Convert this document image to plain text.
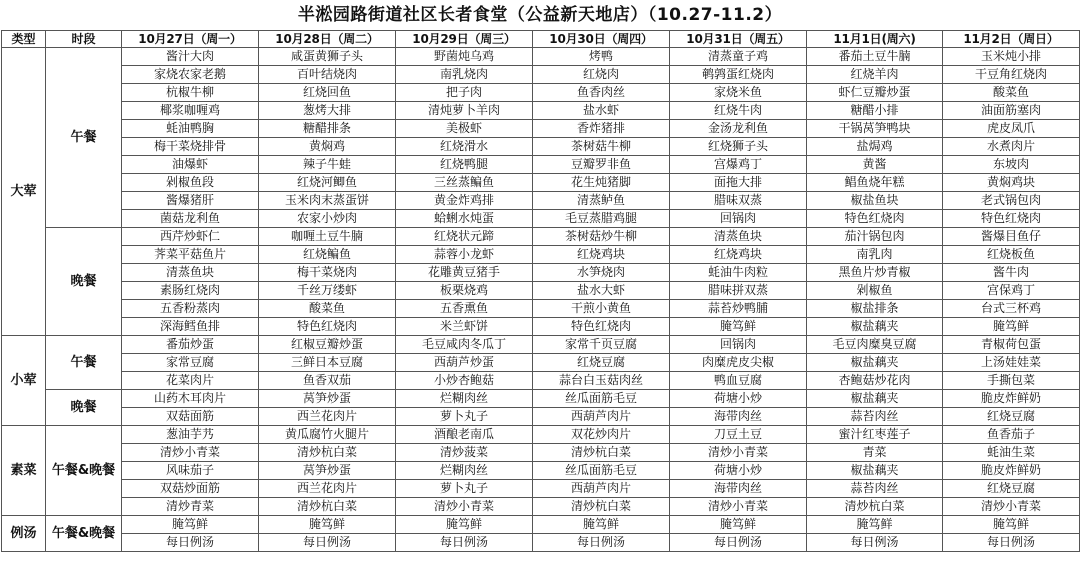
半淞园路街道社区长者食堂（公益新天地店）（10.27-11.2）
类型	时段	10月27日（周一）	10月28日（周二）	10月29日（周三）	10月30日（周四）	10月31日（周五）	11月1日(周六)	11月2日（周日）
大荤	午餐	酱汁大肉	咸蛋黄狮子头	野菌炖乌鸡	烤鸭	清蒸童子鸡	番茄土豆牛腩	玉米炖小排
		家烧农家老鹅	百叶结烧肉	南乳烧肉	红烧肉	鹌鹑蛋红烧肉	红烧羊肉	干豆角红烧肉
		杭椒牛柳	红烧回鱼	把子肉	鱼香肉丝	家烧米鱼	虾仁豆瓣炒蛋	酸菜鱼
		椰浆咖喱鸡	葱烤大排	清炖萝卜羊肉	盐水虾	红烧牛肉	糖醋小排	油面筋塞肉
		蚝油鸭胸	糖醋排条	美极虾	香炸猪排	金汤龙利鱼	干锅莴笋鸭块	虎皮凤爪
		梅干菜烧排骨	黄焖鸡	红烧滑水	茶树菇牛柳	红烧狮子头	盐焗鸡	水煮肉片
		油爆虾	辣子牛蛙	红烧鸭腿	豆瓣罗非鱼	宫爆鸡丁	黄酱	东坡肉
		剁椒鱼段	红烧河鲫鱼	三丝蒸鳊鱼	花生炖猪脚	面拖大排	鲳鱼烧年糕	黄焖鸡块
		酱爆猪肝	玉米肉末蒸蛋饼	黄金炸鸡排	清蒸鲈鱼	腊味双蒸	椒盐鱼块	老式锅包肉
		菌菇龙利鱼	农家小炒肉	蛤蜊水炖蛋	毛豆蒸腊鸡腿	回锅肉	特色红烧肉	特色红烧肉
	晚餐	西芹炒虾仁	咖喱土豆牛腩	红烧状元蹄	茶树菇炒牛柳	清蒸鱼块	茄汁锅包肉	酱爆目鱼仔
		荠菜平菇鱼片	红烧鳊鱼	蒜蓉小龙虾	红烧鸡块	红烧鸡块	南乳肉	红烧板鱼
		清蒸鱼块	梅干菜烧肉	花雕黄豆猪手	水笋烧肉	蚝油牛肉粒	黑鱼片炒青椒	酱牛肉
		素肠红烧肉	千丝万缕虾	板栗烧鸡	盐水大虾	腊味拼双蒸	剁椒鱼	宫保鸡丁
		五香粉蒸肉	酸菜鱼	五香熏鱼	干煎小黄鱼	蒜苔炒鸭脯	椒盐排条	台式三杯鸡
		深海鳕鱼排	特色红烧肉	米兰虾饼	特色红烧肉	腌笃鲜	椒盐藕夹	腌笃鲜
小荤	午餐	番茄炒蛋	红椒豆瓣炒蛋	毛豆咸肉冬瓜丁	家常千页豆腐	回锅肉	毛豆肉糜臭豆腐	青椒荷包蛋
		家常豆腐	三鲜日本豆腐	西葫芦炒蛋	红烧豆腐	肉糜虎皮尖椒	椒盐藕夹	上汤娃娃菜
		花菜肉片	鱼香双茄	小炒杏鲍菇	蒜台白玉菇肉丝	鸭血豆腐	杏鲍菇炒花肉	手撕包菜
	晚餐	山药木耳肉片	莴笋炒蛋	烂糊肉丝	丝瓜面筋毛豆	荷塘小炒	椒盐藕夹	脆皮炸鲜奶
		双菇面筋	西兰花肉片	萝卜丸子	西葫芦肉片	海带肉丝	蒜苔肉丝	红烧豆腐
素菜	午餐&晚餐	葱油芋艿	黄瓜腐竹火腿片	酒酿老南瓜	双花炒肉片	刀豆土豆	蜜汁红枣莲子	鱼香茄子
		清炒小青菜	清炒杭白菜	清炒菠菜	清炒杭白菜	清炒小青菜	青菜	蚝油生菜
		风味茄子	莴笋炒蛋	烂糊肉丝	丝瓜面筋毛豆	荷塘小炒	椒盐藕夹	脆皮炸鲜奶
		双菇炒面筋	西兰花肉片	萝卜丸子	西葫芦肉片	海带肉丝	蒜苔肉丝	红烧豆腐
		清炒青菜	清炒杭白菜	清炒小青菜	清炒杭白菜	清炒小青菜	清炒杭白菜	清炒小青菜
例汤	午餐&晚餐	腌笃鲜	腌笃鲜	腌笃鲜	腌笃鲜	腌笃鲜	腌笃鲜	腌笃鲜
		每日例汤	每日例汤	每日例汤	每日例汤	每日例汤	每日例汤	每日例汤
